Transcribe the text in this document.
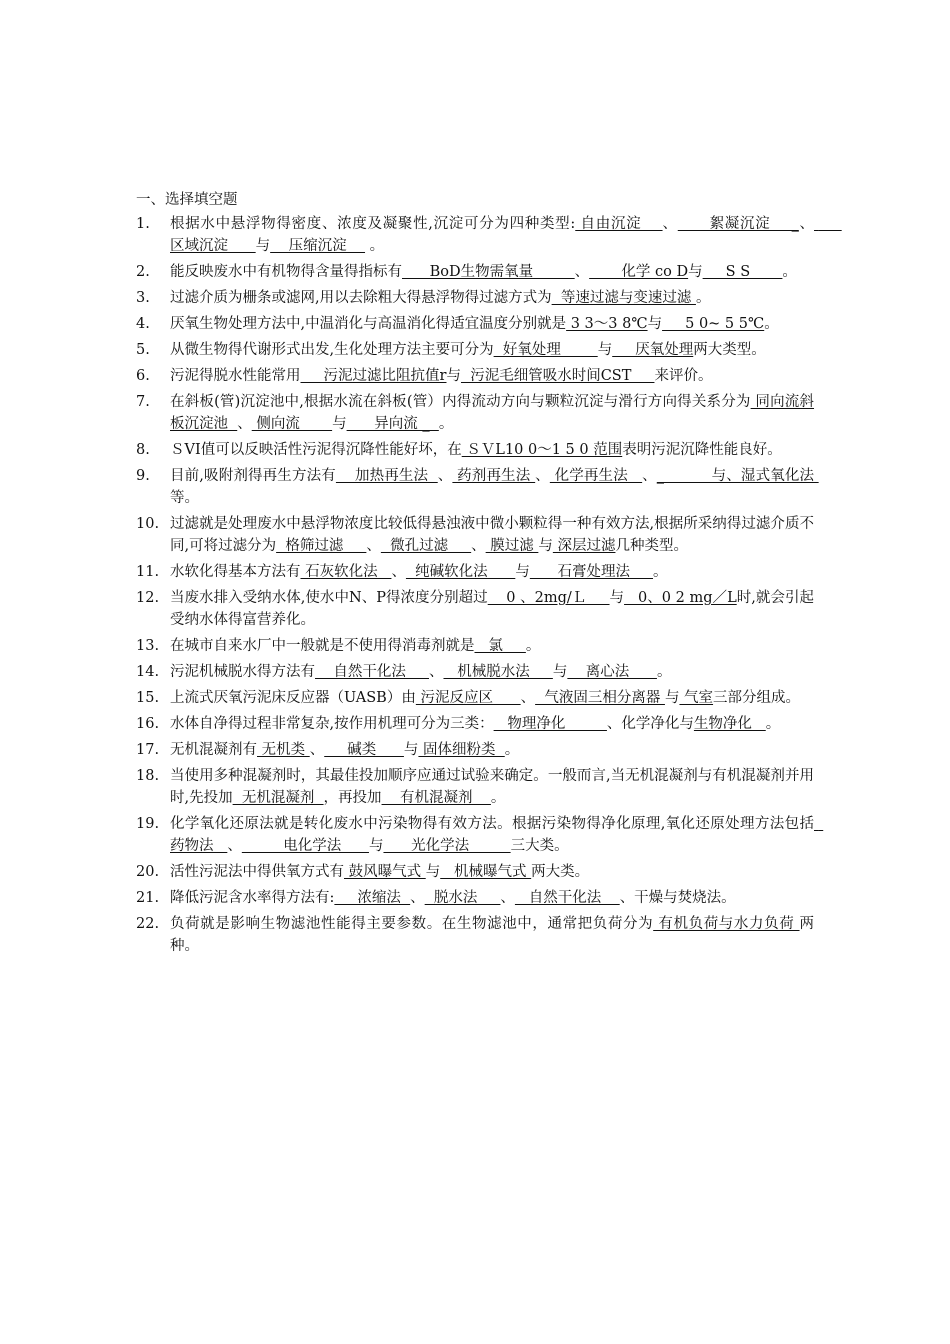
一、选择填空题
1. 根据水中悬浮物得密度、浓度及凝聚性,沉淀可分为四种类型: 自由沉淀    、      絮凝沉淀    _、      区域沉淀      与    压缩沉淀     。
2. 能反映废水中有机物得含量得指标有      BoD生物需氧量         、       化学 co D与     S S       。
3. 过滤介质为栅条或滤网,用以去除粗大得悬浮物得过滤方式为  等速过滤与变速过滤 。
4. 厌氧生物处理方法中,中温消化与高温消化得适宜温度分别就是 3 3～3 8℃与     5 0~ 5 5℃。
5. 从微生物得代谢形式出发,生化处理方法主要可分为  好氧处理        与     厌氧处理两大类型。
6. 污泥得脱水性能常用     污泥过滤比阻抗值r与  污泥毛细管吸水时间CST     来评价。
7. 在斜板(管)沉淀池中,根据水流在斜板(管）内得流动方向与颗粒沉淀与滑行方向得关系分为 同向流斜板沉淀池  、 侧向流       与      异向流 _  。
8. ＳVI值可以反映活性污泥得沉降性能好坏，在 ＳＶL10 0～1 5 0 范围表明污泥沉降性能良好。
9. 目前,吸附剂得再生方法有    加热再生法  、 药剂再生法 、 化学再生法   、_          与、湿式氧化法 等。
10. 过滤就是处理废水中悬浮物浓度比较低得悬浊液中微小颗粒得一种有效方法,根据所采纳得过滤介质不同,可将过滤分为  格筛过滤     、  微孔过滤     、 膜过滤 与 深层过滤几种类型。
11. 水软化得基本方法有 石灰软化法   、  纯碱软化法      与      石膏处理法     。
12. 当废水排入受纳水体,使水中N、P得浓度分别超过    0 、2mg/Ｌ     与   0、0 2 mg／L时,就会引起受纳水体得富营养化。
13. 在城市自来水厂中一般就是不使用得消毒剂就是   氯     。
14. 污泥机械脱水得方法有    自然干化法     、   机械脱水法     与    离心法      。
15. 上流式厌氧污泥床反应器（UASB）由 污泥反应区      、  气液固三相分离器 与 气室三部分组成。
16. 水体自净得过程非常复杂,按作用机理可分为三类：   物理净化         、化学净化与生物净化   。
17. 无机混凝剂有 无机类 、     碱类      与 固体细粉类  。
18. 当使用多种混凝剂时，其最佳投加顺序应通过试验来确定。一般而言,当无机混凝剂与有机混凝剂并用时,先投加  无机混凝剂  ，再投加    有机混凝剂    。
19. 化学氧化还原法就是转化废水中污染物得有效方法。根据污染物得净化原理,氧化还原处理方法包括  药物法   、         电化学法      与      光化学法         三大类。
20. 活性污泥法中得供氧方式有 鼓风曝气式 与   机械曝气式 两大类。
21. 降低污泥含水率得方法有:     浓缩法  、  脱水法     、   自然干化法    、干燥与焚烧法。
22. 负荷就是影响生物滤池性能得主要参数。在生物滤池中，通常把负荷分为 有机负荷与水力负荷 两种。
